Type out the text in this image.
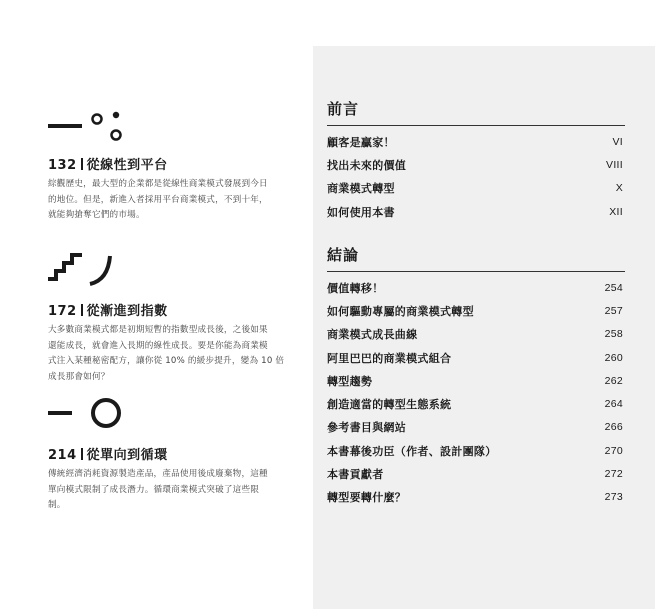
132 從線性到平台

綜觀歷史，最大型的企業都是從線性商業模式發展到今日
的地位。但是，新進入者採用平台商業模式，不到十年，
就能夠搶奪它們的市場。

172 從漸進到指數

大多數商業模式都是初期短暫的指數型成長後，之後如果
還能成長，就會進入長期的線性成長。要是你能為商業模
式注入某種秘密配方，讓你從 10% 的緩步提升，變為 10 倍
成長那會如何？

214 從單向到循環

傳統經濟消耗資源製造產品，產品使用後成廢棄物，這種
單向模式限制了成長潛力。循環商業模式突破了這些限
制。
前言
顧客是贏家！	VI
找出未來的價值	VIII
商業模式轉型	X
如何使用本書	XII
結論
價值轉移！	254
如何驅動專屬的商業模式轉型	257
商業模式成長曲線	258
阿里巴巴的商業模式組合	260
轉型趨勢	262
創造適當的轉型生態系統	264
參考書目與網站	266
本書幕後功臣（作者、設計團隊）	270
本書貢獻者	272
轉型要轉什麼？	273
